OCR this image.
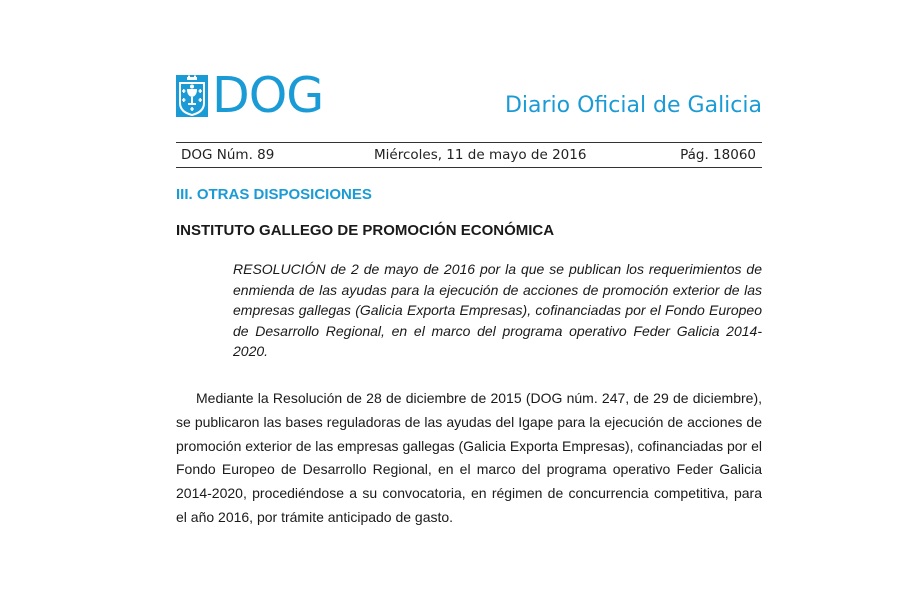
DOG	Diario Oficial de Galicia
DOG Núm. 89	Miércoles, 11 de mayo de 2016	Pág. 18060
III. OTRAS DISPOSICIONES
INSTITUTO GALLEGO DE PROMOCIÓN ECONÓMICA

RESOLUCIÓN de 2 de mayo de 2016 por la que se publican los requerimientos de enmienda de las ayudas para la ejecución de acciones de promoción exterior de las empresas gallegas (Galicia Exporta Empresas), cofinanciadas por el Fondo Europeo de Desarrollo Regional, en el marco del programa operativo Feder Galicia 2014-2020.

Mediante la Resolución de 28 de diciembre de 2015 (DOG núm. 247, de 29 de diciembre), se publicaron las bases reguladoras de las ayudas del Igape para la ejecución de acciones de promoción exterior de las empresas gallegas (Galicia Exporta Empresas), cofinanciadas por el Fondo Europeo de Desarrollo Regional, en el marco del programa operativo Feder Galicia 2014-2020, procediéndose a su convocatoria, en régimen de concurrencia competitiva, para el año 2016, por trámite anticipado de gasto.
